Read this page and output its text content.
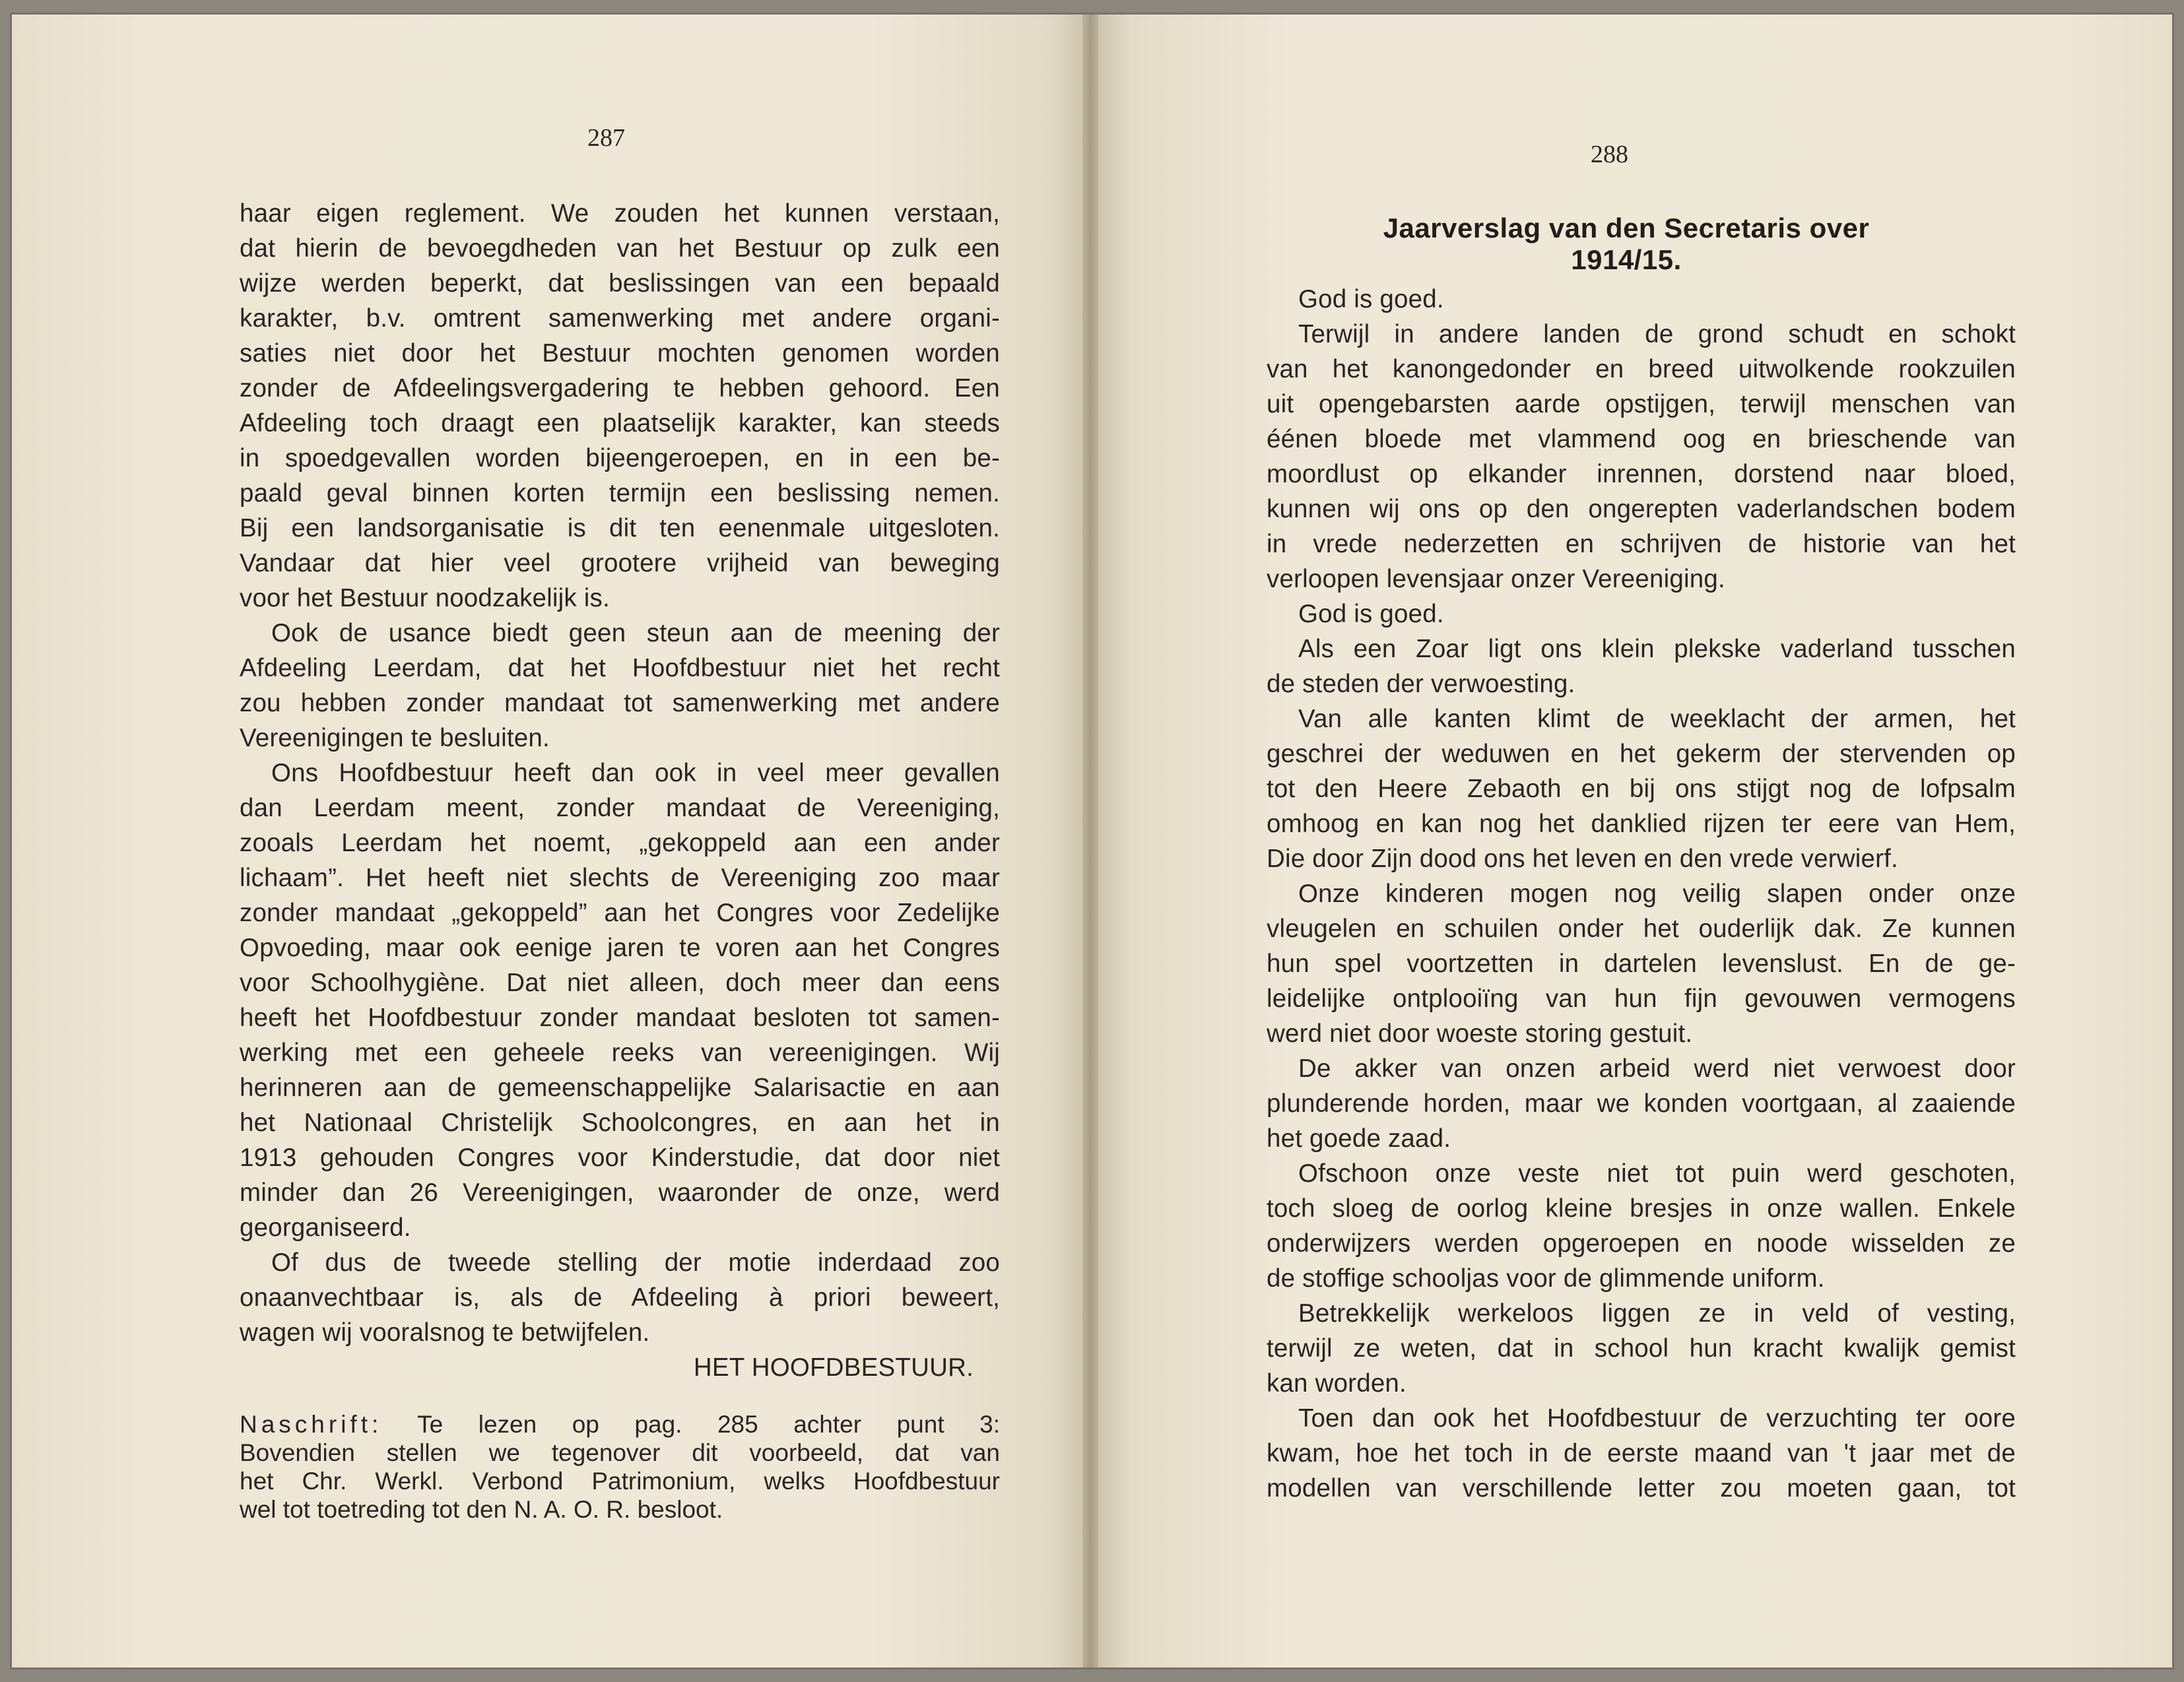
287

haar eigen reglement. We zouden het kunnen verstaan,

dat hierin de bevoegdheden van het Bestuur op zulk een

wijze werden beperkt, dat beslissingen van een bepaald

karakter, b.v. omtrent samenwerking met andere organi-

saties niet door het Bestuur mochten genomen worden

zonder de Afdeelingsvergadering te hebben gehoord. Een

Afdeeling toch draagt een plaatselijk karakter, kan steeds

in spoedgevallen worden bijeengeroepen, en in een be-

paald geval binnen korten termijn een beslissing nemen.

Bij een landsorganisatie is dit ten eenenmale uitgesloten.

Vandaar dat hier veel grootere vrijheid van beweging

voor het Bestuur noodzakelijk is.

Ook de usance biedt geen steun aan de meening der

Afdeeling Leerdam, dat het Hoofdbestuur niet het recht

zou hebben zonder mandaat tot samenwerking met andere

Vereenigingen te besluiten.

Ons Hoofdbestuur heeft dan ook in veel meer gevallen

dan Leerdam meent, zonder mandaat de Vereeniging,

zooals Leerdam het noemt, „gekoppeld aan een ander

lichaam”. Het heeft niet slechts de Vereeniging zoo maar

zonder mandaat „gekoppeld” aan het Congres voor Zedelijke

Opvoeding, maar ook eenige jaren te voren aan het Congres

voor Schoolhygiène. Dat niet alleen, doch meer dan eens

heeft het Hoofdbestuur zonder mandaat besloten tot samen-

werking met een geheele reeks van vereenigingen. Wij

herinneren aan de gemeenschappelijke Salarisactie en aan

het Nationaal Christelijk Schoolcongres, en aan het in

1913 gehouden Congres voor Kinderstudie, dat door niet

minder dan 26 Vereenigingen, waaronder de onze, werd

georganiseerd.

Of dus de tweede stelling der motie inderdaad zoo

onaanvechtbaar is, als de Afdeeling à priori beweert,

wagen wij vooralsnog te betwijfelen.

HET HOOFDBESTUUR.

Naschrift: Te lezen op pag. 285 achter punt 3:

Bovendien stellen we tegenover dit voorbeeld, dat van

het Chr. Werkl. Verbond Patrimonium, welks Hoofdbestuur

wel tot toetreding tot den N. A. O. R. besloot.

288
Jaarverslag van den Secretaris over 1914/15.

God is goed.

Terwijl in andere landen de grond schudt en schokt

van het kanongedonder en breed uitwolkende rookzuilen

uit opengebarsten aarde opstijgen, terwijl menschen van

éénen bloede met vlammend oog en brieschende van

moordlust op elkander inrennen, dorstend naar bloed,

kunnen wij ons op den ongerepten vaderlandschen bodem

in vrede nederzetten en schrijven de historie van het

verloopen levensjaar onzer Vereeniging.

God is goed.

Als een Zoar ligt ons klein plekske vaderland tusschen

de steden der verwoesting.

Van alle kanten klimt de weeklacht der armen, het

geschrei der weduwen en het gekerm der stervenden op

tot den Heere Zebaoth en bij ons stijgt nog de lofpsalm

omhoog en kan nog het danklied rijzen ter eere van Hem,

Die door Zijn dood ons het leven en den vrede verwierf.

Onze kinderen mogen nog veilig slapen onder onze

vleugelen en schuilen onder het ouderlijk dak. Ze kunnen

hun spel voortzetten in dartelen levenslust. En de ge-

leidelijke ontplooiïng van hun fijn gevouwen vermogens

werd niet door woeste storing gestuit.

De akker van onzen arbeid werd niet verwoest door

plunderende horden, maar we konden voortgaan, al zaaiende

het goede zaad.

Ofschoon onze veste niet tot puin werd geschoten,

toch sloeg de oorlog kleine bresjes in onze wallen. Enkele

onderwijzers werden opgeroepen en noode wisselden ze

de stoffige schooljas voor de glimmende uniform.

Betrekkelijk werkeloos liggen ze in veld of vesting,

terwijl ze weten, dat in school hun kracht kwalijk gemist

kan worden.

Toen dan ook het Hoofdbestuur de verzuchting ter oore

kwam, hoe het toch in de eerste maand van 't jaar met de

modellen van verschillende letter zou moeten gaan, tot
